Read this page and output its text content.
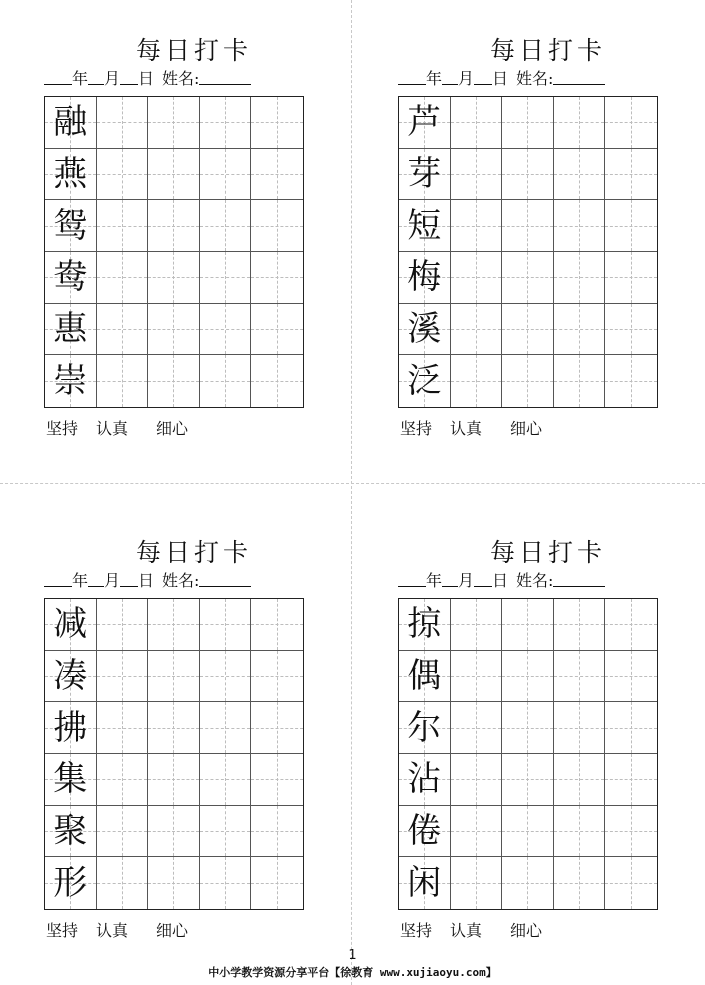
每日打卡
年 月 日 姓名:
融
燕
鸳
鸯
惠
崇
坚持 认真 细心
每日打卡
年 月 日 姓名:
芦
芽
短
梅
溪
泛
坚持 认真 细心
每日打卡
年 月 日 姓名:
减
凑
拂
集
聚
形
坚持 认真 细心
每日打卡
年 月 日 姓名:
掠
偶
尔
沾
倦
闲
坚持 认真 细心
1
中小学教学资源分享平台【徐教育 www.xujiaoyu.com】
